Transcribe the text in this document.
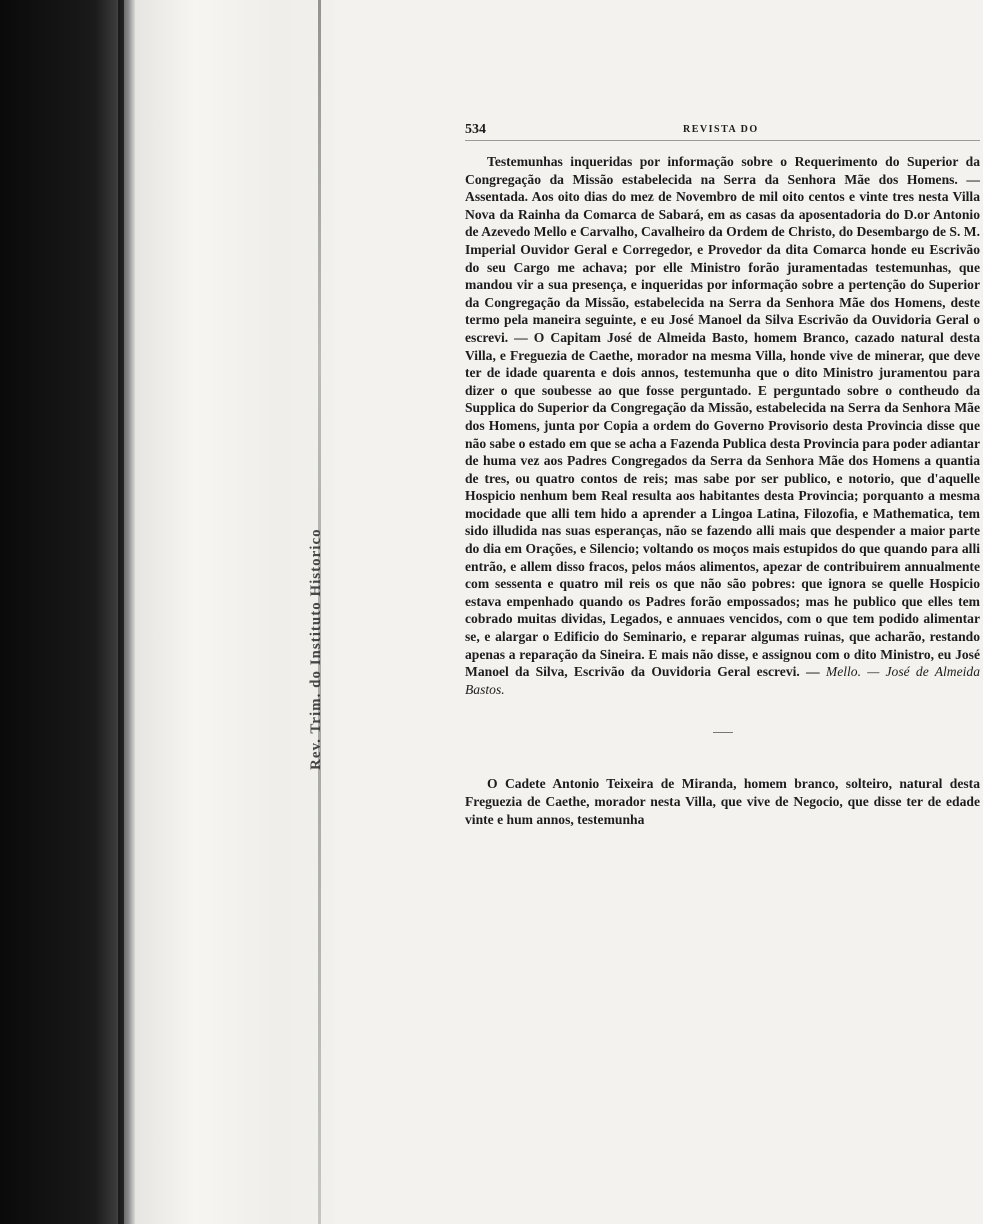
Rev. Trim. do Instituto Historico
534	REVISTA DO

Testemunhas inqueridas por informação sobre o Requerimento do Superior da Congregação da Missão estabelecida na Serra da Senhora Mãe dos Homens. — Assentada. Aos oito dias do mez de Novembro de mil oito centos e vinte tres nesta Villa Nova da Rainha da Comarca de Sabará, em as casas da aposentadoria do D.or Antonio de Azevedo Mello e Carvalho, Cavalheiro da Ordem de Christo, do Desembargo de S. M. Imperial Ouvidor Geral e Corregedor, e Provedor da dita Comarca honde eu Escrivão do seu Cargo me achava; por elle Ministro forão juramentadas testemunhas, que mandou vir a sua presença, e inqueridas por informação sobre a pertenção do Superior da Congregação da Missão, estabelecida na Serra da Senhora Mãe dos Homens, deste termo pela maneira seguinte, e eu José Manoel da Silva Escrivão da Ouvidoria Geral o escrevi. — O Capitam José de Almeida Basto, homem Branco, cazado natural desta Villa, e Freguezia de Caethe, morador na mesma Villa, honde vive de minerar, que deve ter de idade quarenta e dois annos, testemunha que o dito Ministro juramentou para dizer o que soubesse ao que fosse perguntado. E perguntado sobre o contheudo da Supplica do Superior da Congregação da Missão, estabelecida na Serra da Senhora Mãe dos Homens, junta por Copia a ordem do Governo Provisorio desta Provincia disse que não sabe o estado em que se acha a Fazenda Publica desta Provincia para poder adiantar de huma vez aos Padres Congregados da Serra da Senhora Mãe dos Homens a quantia de tres, ou quatro contos de reis; mas sabe por ser publico, e notorio, que d'aquelle Hospicio nenhum bem Real resulta aos habitantes desta Provincia; porquanto a mesma mocidade que alli tem hido a aprender a Lingoa Latina, Filozofia, e Mathematica, tem sido illudida nas suas esperanças, não se fazendo alli mais que despender a maior parte do dia em Orações, e Silencio; voltando os moços mais estupidos do que quando para alli entrão, e allem disso fracos, pelos máos alimentos, apezar de contribuirem annualmente com sessenta e quatro mil reis os que não são pobres: que ignora se quelle Hospicio estava empenhado quando os Padres forão empossados; mas he publico que elles tem cobrado muitas dividas, Legados, e annuaes vencidos, com o que tem podido alimentar se, e alargar o Edificio do Seminario, e reparar algumas ruinas, que acharão, restando apenas a reparação da Sineira. E mais não disse, e assignou com o dito Ministro, eu José Manoel da Silva, Escrivão da Ouvidoria Geral escrevi. — Mello. — José de Almeida Bastos.

O Cadete Antonio Teixeira de Miranda, homem branco, solteiro, natural desta Freguezia de Caethe, morador nesta Villa, que vive de Negocio, que disse ter de edade vinte e hum annos, testemunha
